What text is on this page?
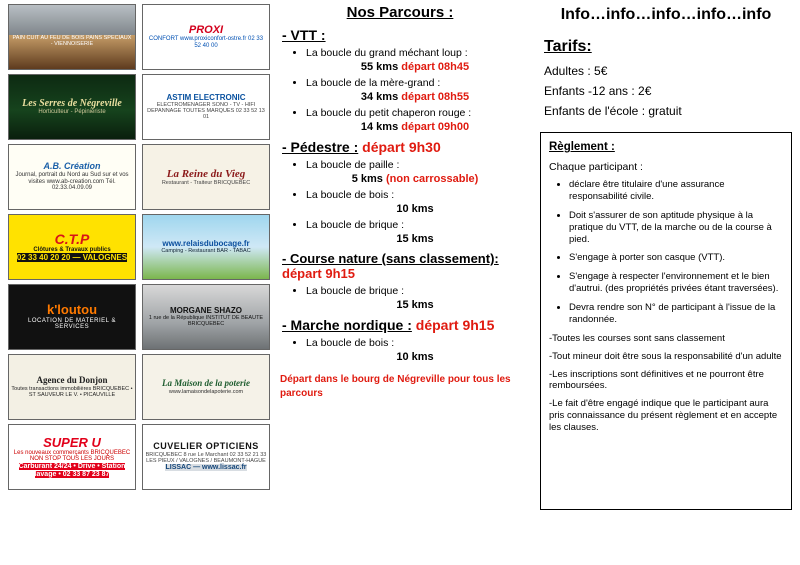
PAIN CUIT AU FEU DE BOIS PAINS SPECIAUX - VIENNOISERIE
PROXI
CONFORT www.proxiconfort-ostre.fr 02 33 52 40 00
Les Serres de Négreville
Horticulteur - Pépiniériste
ASTIM ELECTRONIC
ELECTROMENAGER SONO - TV - HIFI DEPANNAGE TOUTES MARQUES 02 33 52 13 01
A.B. Création
Journal, portrait du Nord au Sud sur et vos visites www.ab-creation.com Tél. 02.33.04.09.09
La Reine du Vieg
Restaurant - Traiteur BRICQUEBEC
C.T.P
Clôtures & Travaux publics
02 33 40 20 20 — VALOGNES
www.relaisdubocage.fr
Camping - Restaurant BAR - TABAC
k'loutou
LOCATION DE MATERIEL & SERVICES
MORGANE SHAZO
1 rue de la République INSTITUT DE BEAUTE BRICQUEBEC
Agence du Donjon
Toutes transactions immobilières BRICQUEBEC • ST SAUVEUR LE V. • PICAUVILLE
La Maison de la poterie
www.lamaisondelapoterie.com
SUPER U
Les nouveaux commerçants BRICQUEBEC NON STOP TOUS LES JOURS
Carburant 24/24 • Drive • Station lavage • 02 33 87 23 87
CUVELIER OPTICIENS
BRICQUEBEC 8 rue Le Marchant 02 33 52 21 33 LES PIEUX / VALOGNES / BEAUMONT-HAGUE
LISSAC — www.lissac.fr
Nos Parcours :
- VTT :
• La boucle du grand méchant loup :
55 kms départ 08h45
• La boucle de la mère-grand :
34 kms départ 08h55
• La boucle du petit chaperon rouge :
14 kms départ 09h00
- Pédestre : départ 9h30
• La boucle de paille :
5 kms (non carrossable)
• La boucle de bois :
10 kms
• La boucle de brique :
15 kms
- Course nature (sans classement): départ 9h15
• La boucle de brique :
15 kms
- Marche nordique : départ 9h15
• La boucle de bois :
10 kms
Départ dans le bourg de Négreville pour tous les parcours
Info…info…info…info…info
Tarifs:
Adultes : 5€
Enfants -12 ans : 2€
Enfants de l'école : gratuit
Règlement :
Chaque participant :
• déclare être titulaire d'une assurance responsabilité civile.
• Doit s'assurer de son aptitude physique à la pratique du VTT, de la marche ou de la course à pied.
• S'engage à porter son casque (VTT).
• S'engage à respecter l'environnement et le bien d'autrui. (des propriétés privées étant traversées).
• Devra rendre son N° de participant à l'issue de la randonnée.
-Toutes les courses sont sans classement
-Tout mineur doit être sous la responsabilité d'un adulte
-Les inscriptions sont définitives et ne pourront être remboursées.
-Le fait d'être engagé indique que le participant aura pris connaissance du présent règlement et en accepte les clauses.
